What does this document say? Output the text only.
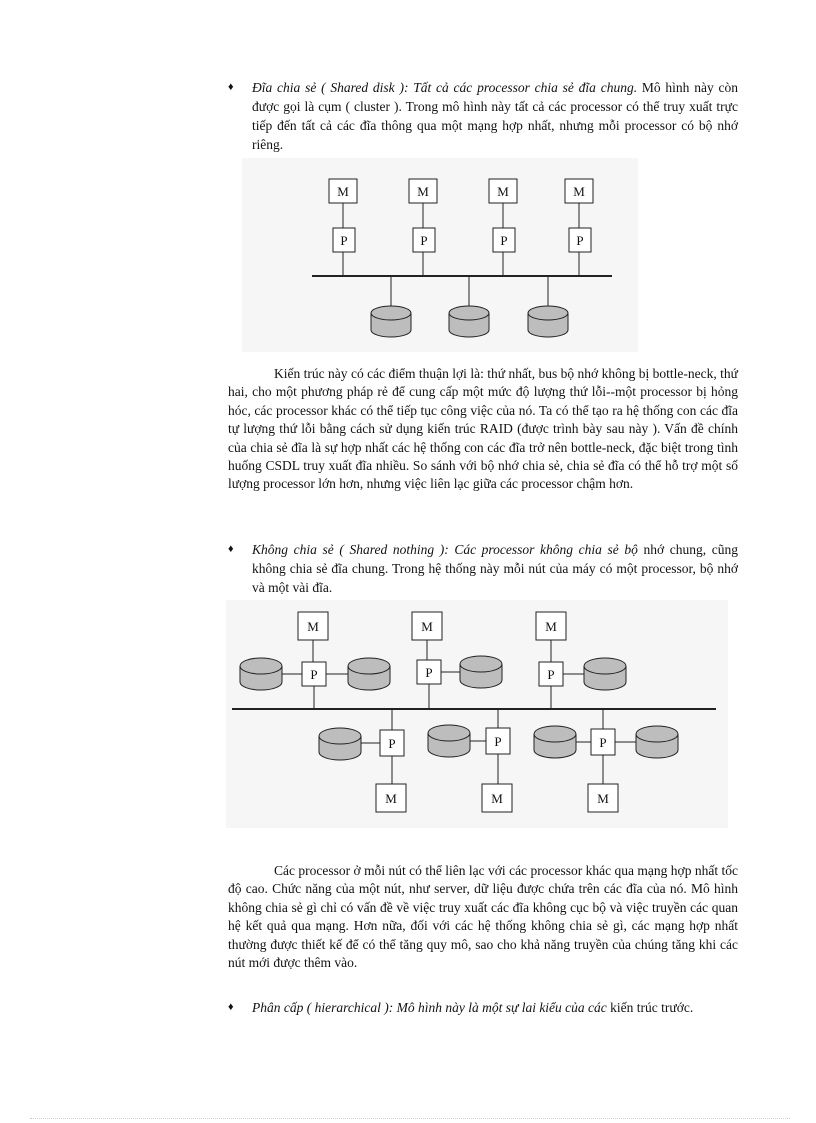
♦ Đĩa chia sẻ ( Shared disk ): Tất cả các processor chia sẻ đĩa chung. Mô hình này còn được gọi là cụm ( cluster ). Trong mô hình này tất cả các processor có thể truy xuất trực tiếp đến tất cả các đĩa thông qua một mạng hợp nhất, nhưng mỗi processor có bộ nhớ riêng.
M
P
M
P
M
P
M
P

Kiến trúc này có các điểm thuận lợi là: thứ nhất, bus bộ nhớ không bị bottle-neck, thứ hai, cho một phương pháp rẻ để cung cấp một mức độ lượng thứ lỗi--một processor bị hỏng hóc, các processor khác có thể tiếp tục công việc của nó. Ta có thể tạo ra hệ thống con các đĩa tự lượng thứ lỗi bằng cách sử dụng kiến trúc RAID (được trình bày sau này ). Vấn đề chính của chia sẻ đĩa là sự hợp nhất các hệ thống con các đĩa trở nên bottle-neck, đặc biệt trong tình huống CSDL truy xuất đĩa nhiều. So sánh với bộ nhớ chia sẻ, chia sẻ đĩa có thể hỗ trợ một số lượng processor lớn hơn, nhưng việc liên lạc giữa các processor chậm hơn.

♦ Không chia sẻ ( Shared nothing ): Các processor không chia sẻ bộ nhớ chung, cũng không chia sẻ đĩa chung. Trong hệ thống này mỗi nút của máy có một processor, bộ nhớ và một vài đĩa.
M
P
M
P
M
P
P
M
P
M
P
M

Các processor ở mỗi nút có thể liên lạc với các processor khác qua mạng hợp nhất tốc độ cao. Chức năng của một nút, như server, dữ liệu được chứa trên các đĩa của nó. Mô hình không chia sẻ gì chỉ có vấn đề về việc truy xuất các đĩa không cục bộ và việc truyền các quan hệ kết quả qua mạng. Hơn nữa, đối với các hệ thống không chia sẻ gì, các mạng hợp nhất thường được thiết kế để có thể tăng quy mô, sao cho khả năng truyền của chúng tăng khi các nút mới được thêm vào.

♦ Phân cấp ( hierarchical ): Mô hình này là một sự lai kiểu của các kiến trúc trước.
